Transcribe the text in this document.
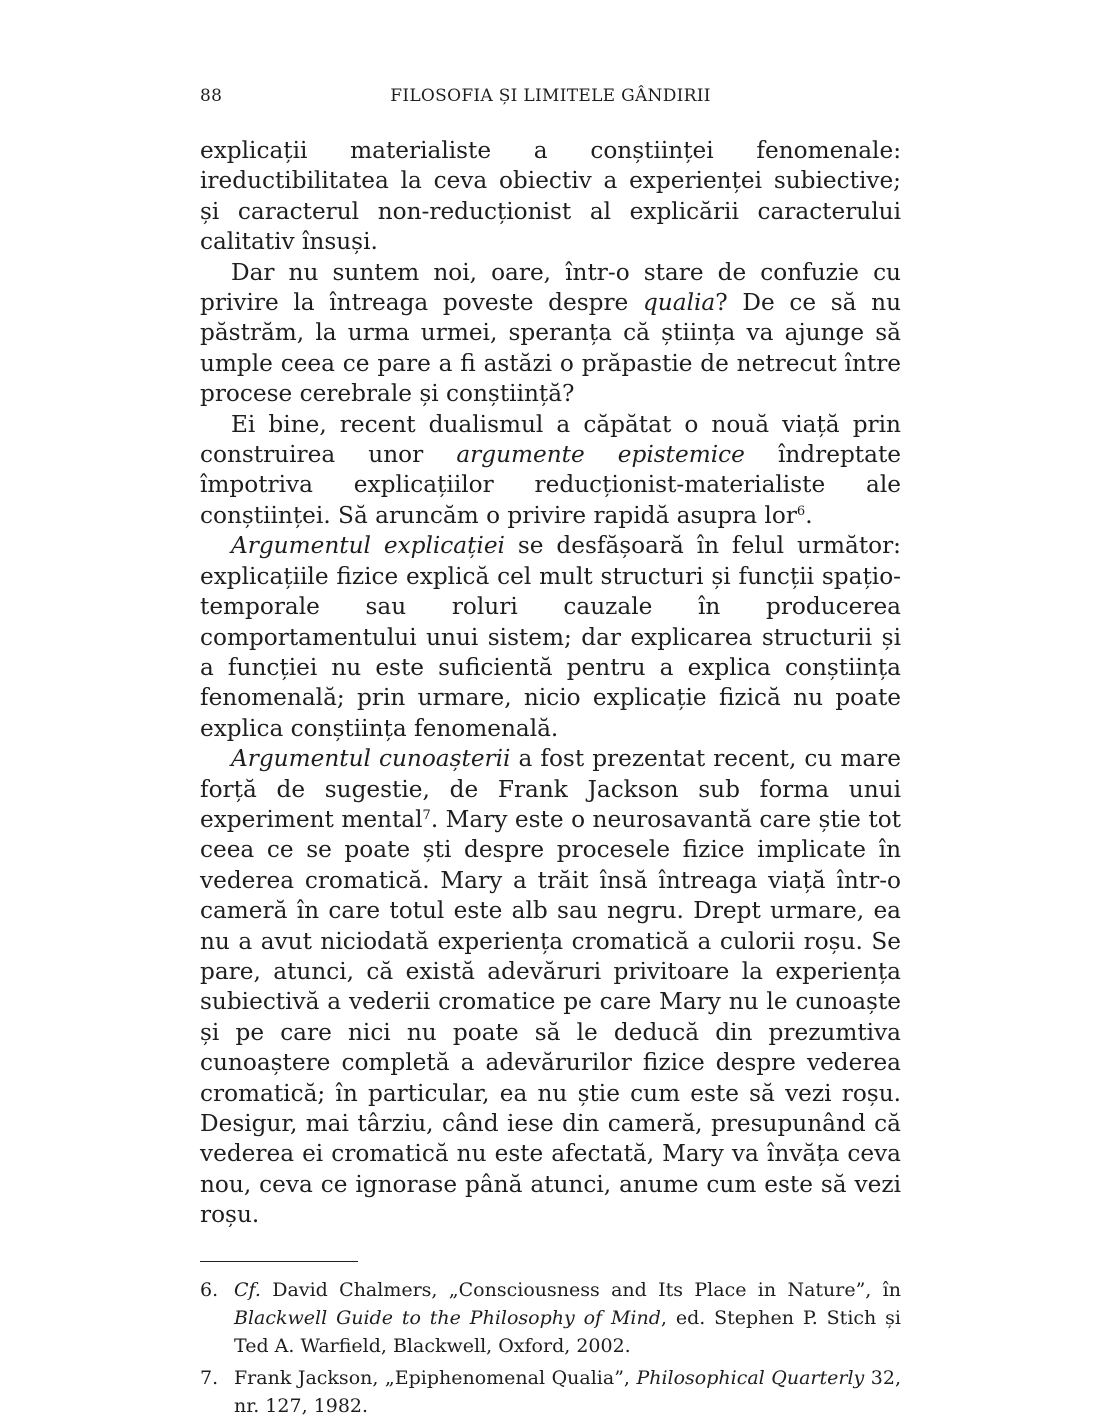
88	FILOSOFIA ȘI LIMITELE GÂNDIRII

explicații materialiste a conștiinței fenomenale: ireductibilitatea la ceva obiectiv a experienței subiective; și caracterul non-reducționist al explicării caracterului calitativ însuși.

Dar nu suntem noi, oare, într-o stare de confuzie cu privire la întreaga poveste despre qualia? De ce să nu păstrăm, la urma urmei, speranța că știința va ajunge să umple ceea ce pare a fi astăzi o prăpastie de netrecut între procese cerebrale și conștiință?

Ei bine, recent dualismul a căpătat o nouă viață prin construirea unor argumente epistemice îndreptate împotriva explicațiilor reducționist-materialiste ale conștiinței. Să aruncăm o privire rapidă asupra lor$^6$.

Argumentul explicației se desfășoară în felul următor: explicațiile fizice explică cel mult structuri și funcții spațio-temporale sau roluri cauzale în producerea comportamentului unui sistem; dar explicarea structurii și a funcției nu este suficientă pentru a explica conștiința fenomenală; prin urmare, nicio explicație fizică nu poate explica conștiința fenomenală.

Argumentul cunoașterii a fost prezentat recent, cu mare forță de sugestie, de Frank Jackson sub forma unui experiment mental$^7$. Mary este o neurosavantă care știe tot ceea ce se poate ști despre procesele fizice implicate în vederea cromatică. Mary a trăit însă întreaga viață într-o cameră în care totul este alb sau negru. Drept urmare, ea nu a avut niciodată experiența cromatică a culorii roșu. Se pare, atunci, că există adevăruri privitoare la experiența subiectivă a vederii cromatice pe care Mary nu le cunoaște și pe care nici nu poate să le deducă din prezumtiva cunoaștere completă a adevărurilor fizice despre vederea cromatică; în particular, ea nu știe cum este să vezi roșu. Desigur, mai târziu, când iese din cameră, presupunând că vederea ei cromatică nu este afectată, Mary va învăța ceva nou, ceva ce ignorase până atunci, anume cum este să vezi roșu.

6. Cf. David Chalmers, „Consciousness and Its Place in Nature”, în Blackwell Guide to the Philosophy of Mind, ed. Stephen P. Stich și Ted A. Warfield, Blackwell, Oxford, 2002.
7. Frank Jackson, „Epiphenomenal Qualia”, Philosophical Quarterly 32, nr. 127, 1982.
